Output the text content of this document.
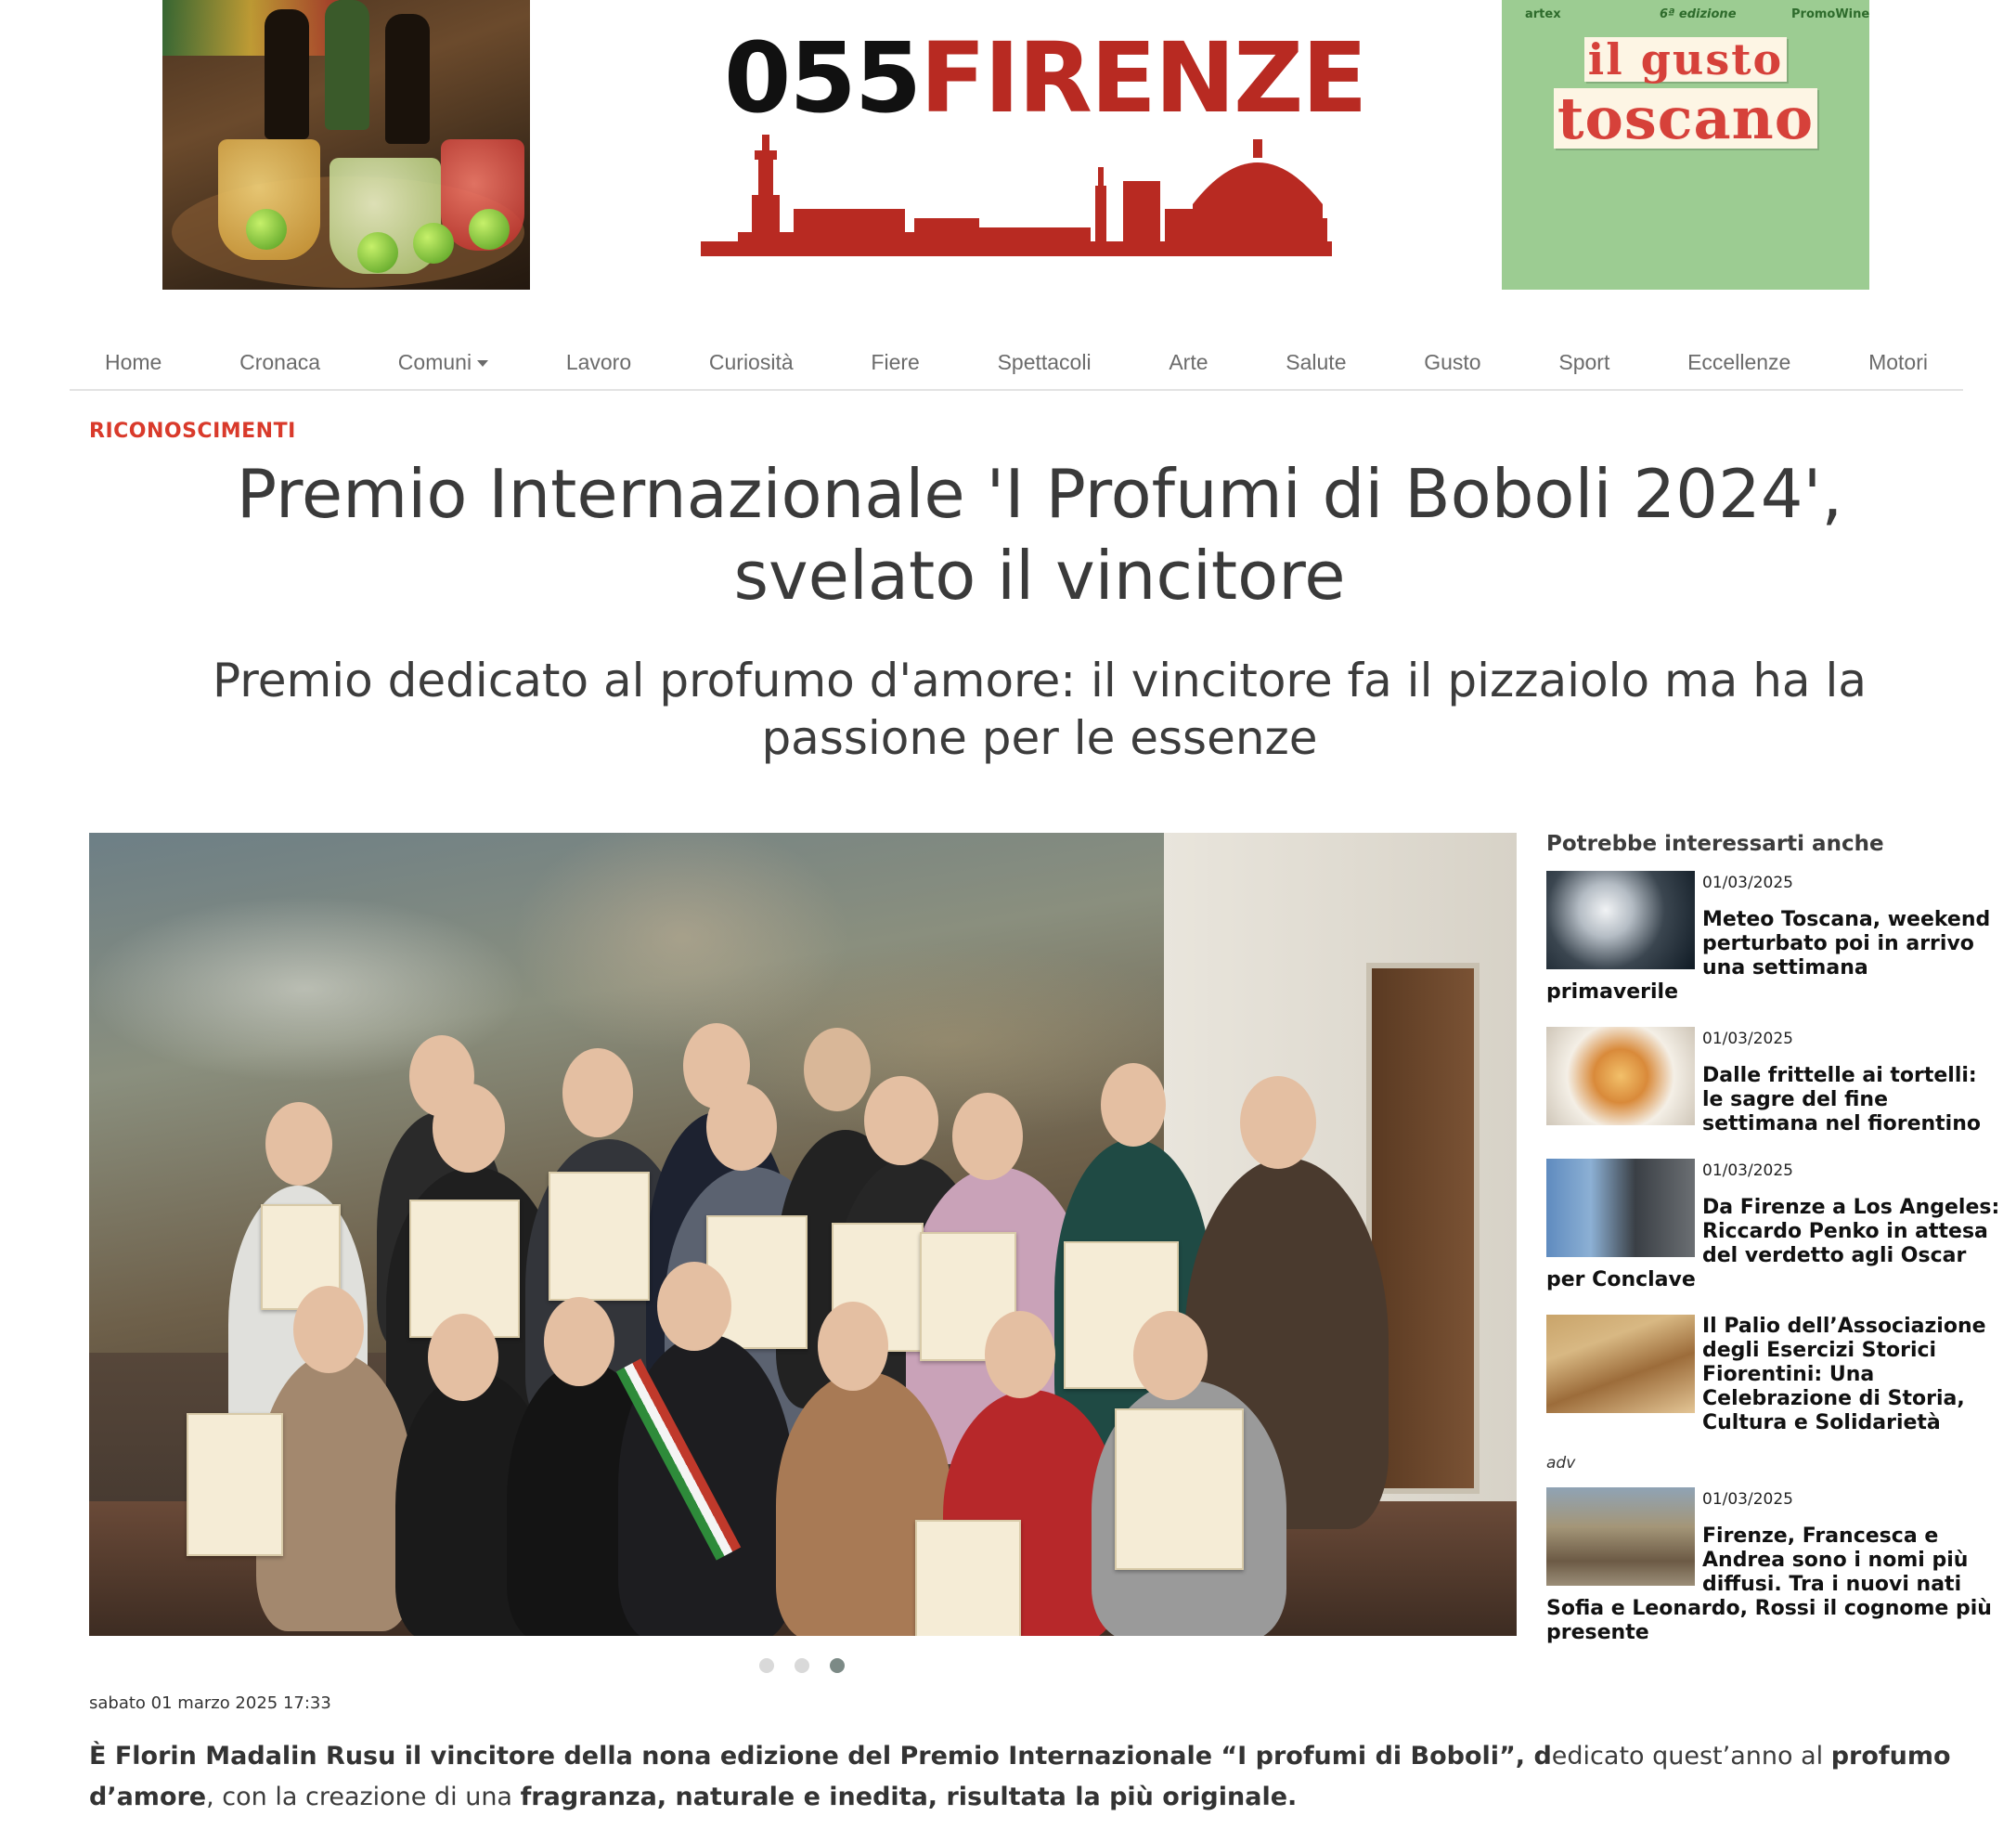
055FIRENZE
artex	6ª edizione	PromoWine
il gusto
toscano
Home	Cronaca	Comuni	Lavoro	Curiosità	Fiere	Spettacoli	Arte	Salute	Gusto	Sport	Eccellenze	Motori
RICONOSCIMENTI
Premio Internazionale 'I Profumi di Boboli 2024', svelato il vincitore
Premio dedicato al profumo d'amore: il vincitore fa il pizzaiolo ma ha la passione per le essenze
Potrebbe interessarti anche
01/03/2025
Meteo Toscana, weekend perturbato poi in arrivo una settimana primaverile
01/03/2025
Dalle frittelle ai tortelli: le sagre del fine settimana nel fiorentino
01/03/2025
Da Firenze a Los Angeles: Riccardo Penko in attesa del verdetto agli Oscar per Conclave
Il Palio dell’Associazione degli Esercizi Storici Fiorentini: Una Celebrazione di Storia, Cultura e Solidarietà
adv
01/03/2025
Firenze, Francesca e Andrea sono i nomi più diffusi. Tra i nuovi nati Sofia e Leonardo, Rossi il cognome più presente
sabato 01 marzo 2025 17:33

È Florin Madalin Rusu il vincitore della nona edizione del Premio Internazionale “I profumi di Boboli”, dedicato quest’anno al profumo d’amore, con la creazione di una fragranza, naturale e inedita, risultata la più originale.
